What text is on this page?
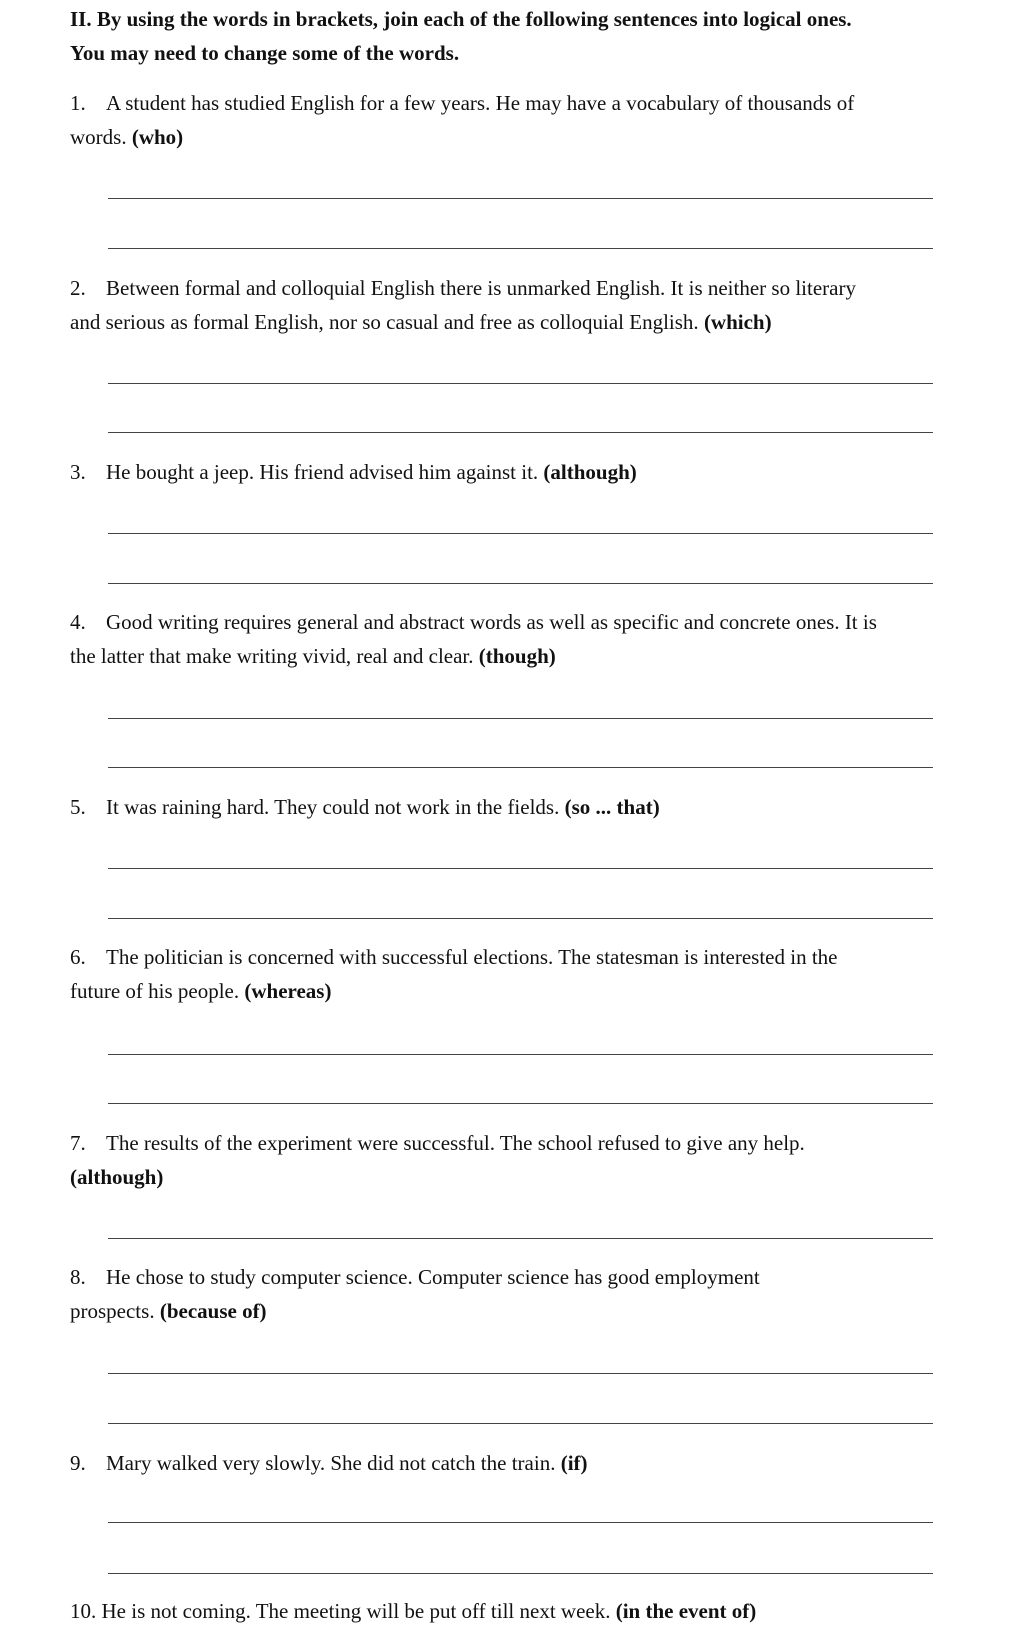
II. By using the words in brackets, join each of the following sentences into logical ones.
You may need to change some of the words.
1. A student has studied English for a few years. He may have a vocabulary of thousands of
words. (who)
2. Between formal and colloquial English there is unmarked English. It is neither so literary
and serious as formal English, nor so casual and free as colloquial English. (which)
3. He bought a jeep. His friend advised him against it. (although)
4. Good writing requires general and abstract words as well as specific and concrete ones. It is
the latter that make writing vivid, real and clear. (though)
5. It was raining hard. They could not work in the fields. (so ... that)
6. The politician is concerned with successful elections. The statesman is interested in the
future of his people. (whereas)
7. The results of the experiment were successful. The school refused to give any help.
(although)
8. He chose to study computer science. Computer science has good employment
prospects. (because of)
9. Mary walked very slowly. She did not catch the train. (if)
10. He is not coming. The meeting will be put off till next week. (in the event of)
